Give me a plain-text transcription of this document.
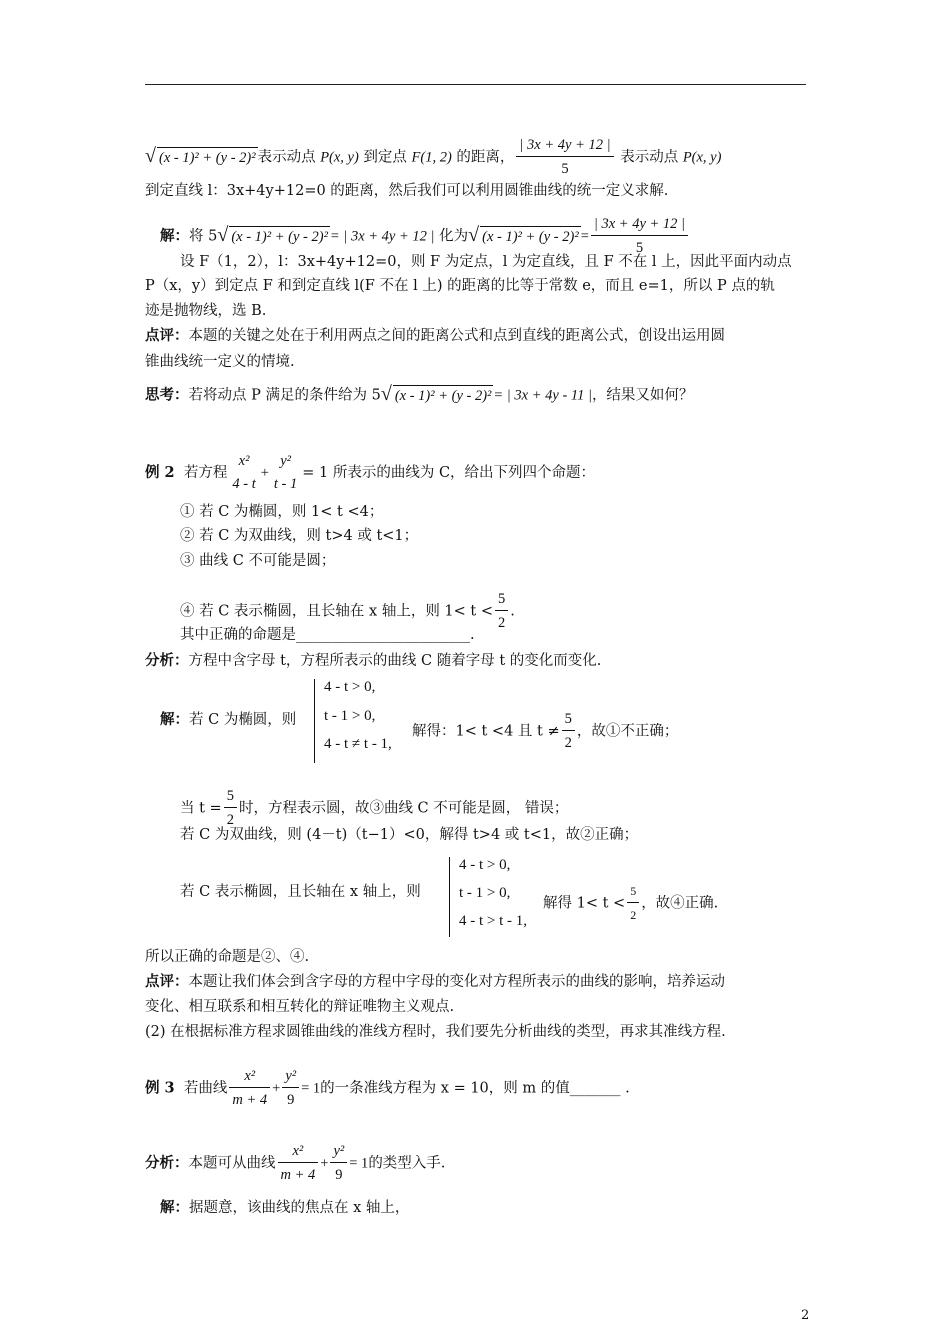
√ (x - 1)² + (y - 2)² 表示动点 P(x, y) 到定点 F(1, 2) 的距离， $\frac{| 3x + 4y + 12 |}{5}$ 表示动点 P(x, y)
到定直线 l：3x+4y+12=0 的距离，然后我们可以利用圆锥曲线的统一定义求解.
解：将 5 √ (x - 1)² + (y - 2)² = | 3x + 4y + 12 | 化为 √ $(x - 1)^2 + (y - 2)^2 = \frac{| 3x + 4y + 12 |}{5}$
设 F（1，2），l：3x+4y+12=0，则 F 为定点，l 为定直线，且 F 不在 l 上，因此平面内动点
P（x，y）到定点 F 和到定直线 l(F 不在 l 上) 的距离的比等于常数 e，而且 e=1，所以 P 点的轨
迹是抛物线，选 B.
点评：本题的关键之处在于利用两点之间的距离公式和点到直线的距离公式，创设出运用圆
锥曲线统一定义的情境.
思考：若将动点 P 满足的条件给为 5 √ (x - 1)² + (y - 2)² = | 3x + 4y - 11 |，结果又如何？
例 2 若方程
x²
4 - t
+
y²
t - 1
= 1 所表示的曲线为 C，给出下列四个命题：
① 若 C 为椭圆，则 1< t <4；
② 若 C 为双曲线，则 t>4 或 t<1；
③ 曲线 C 不可能是圆；
④ 若 C 表示椭圆，且长轴在 x 轴上，则 $1< t < \frac{5}{2}$ .
其中正确的命题是________________________.
分析：方程中含字母 t，方程所表示的曲线 C 随着字母 t 的变化而变化.
解：若 C 为椭圆，则
4 - t > 0,
t - 1 > 0,
4 - t ≠ t - 1,
解得：1< t <4 且 $t \ne \frac{5}{2}$ ，故①不正确；
当 $t = \frac{5}{2}$ 时，方程表示圆，故③曲线 C 不可能是圆， 错误；
若 C 为双曲线，则 (4－t)（t−1）<0，解得 t>4 或 t<1，故②正确；
若 C 表示椭圆，且长轴在 x 轴上，则
4 - t > 0,
t - 1 > 0,
4 - t > t - 1,
解得 $1< t < \frac{5}{2}$ ，故④正确.
所以正确的命题是②、④.
点评：本题让我们体会到含字母的方程中字母的变化对方程所表示的曲线的影响，培养运动
变化、相互联系和相互转化的辩证唯物主义观点.
(2) 在根据标准方程求圆锥曲线的准线方程时，我们要先分析曲线的类型，再求其准线方程.
例 3 若曲线 $\frac{\text{x²}}{m + 4} + \frac{\text{y²}}{9} = 1$的一条准线方程为 x = 10，则 m 的值_______ .
分析：本题可从曲线 $\frac{\text{x²}}{m + 4} + \frac{\text{y²}}{9} = 1$的类型入手.
解：据题意，该曲线的焦点在 x 轴上，
2
